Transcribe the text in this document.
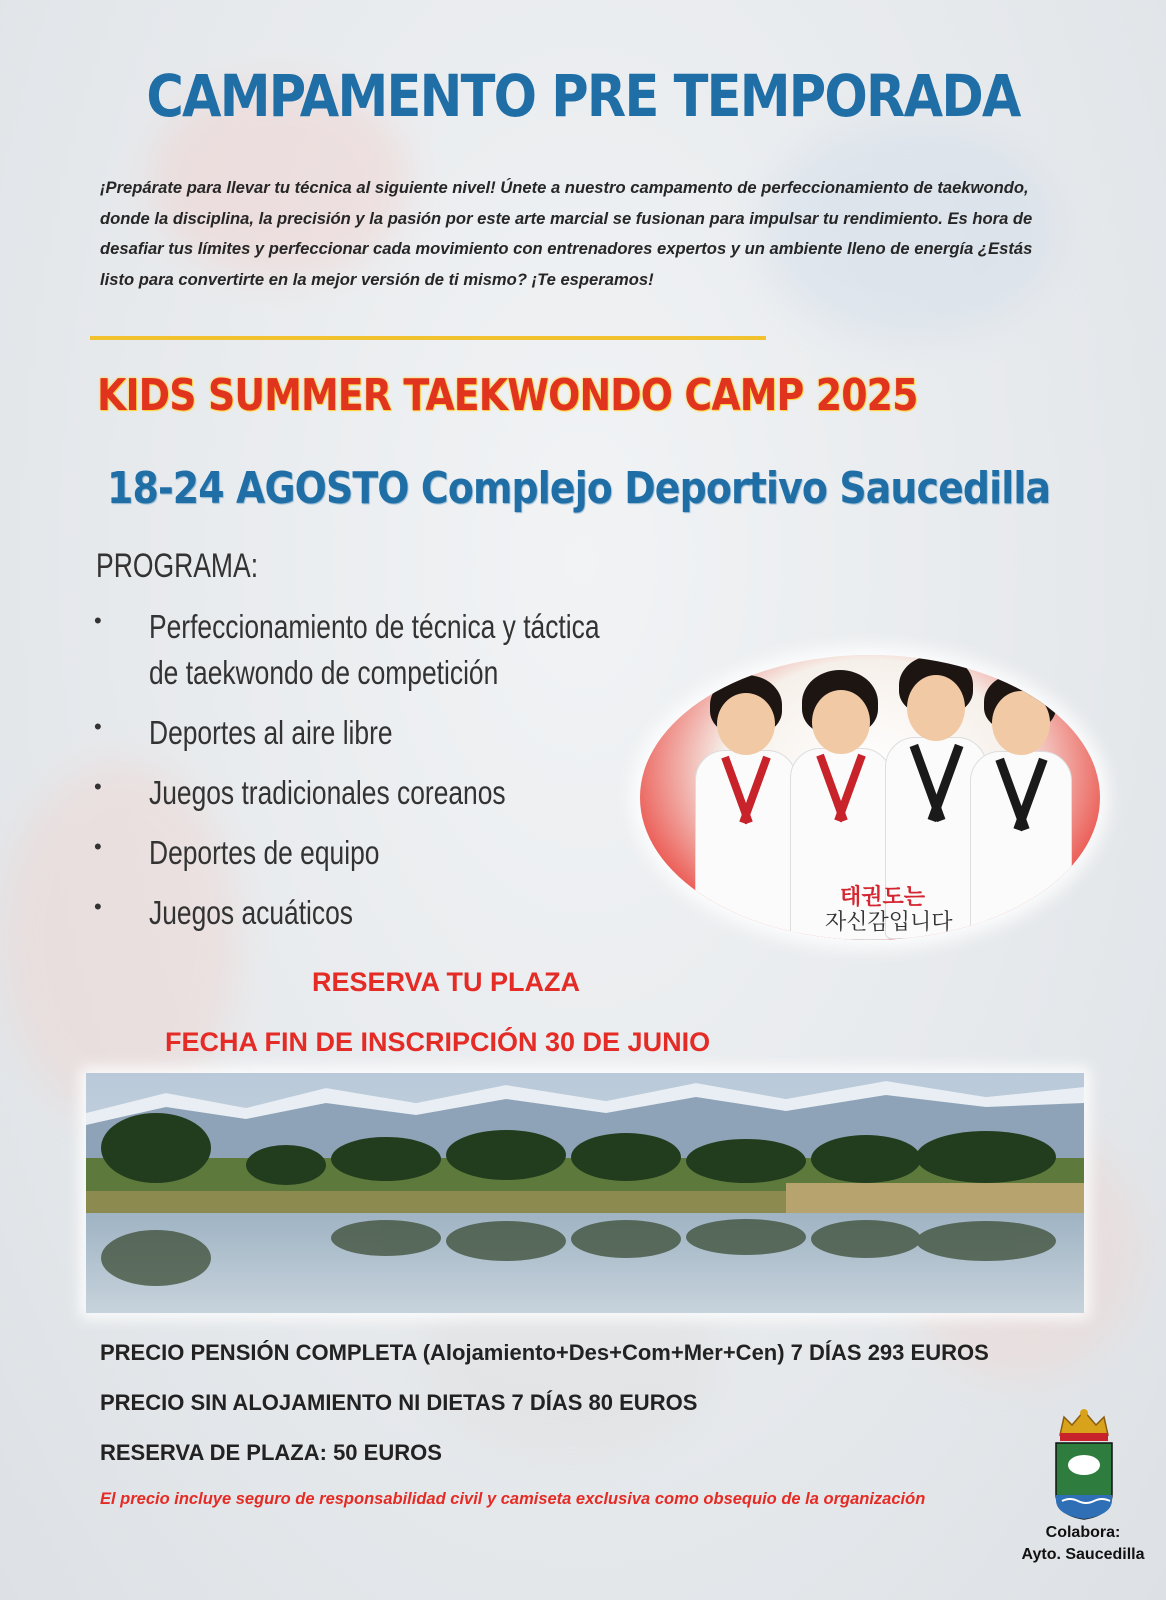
CAMPAMENTO PRE TEMPORADA
¡Prepárate para llevar tu técnica al siguiente nivel! Únete a nuestro campamento de perfeccionamiento de taekwondo, donde la disciplina, la precisión y la pasión por este arte marcial se fusionan para impulsar tu rendimiento. Es hora de desafiar tus límites y perfeccionar cada movimiento con entrenadores expertos y un ambiente lleno de energía ¿Estás listo para convertirte en la mejor versión de ti mismo? ¡Te esperamos!
KIDS SUMMER TAEKWONDO CAMP 2025
18-24 AGOSTO Complejo Deportivo Saucedilla
PROGRAMA:
• Perfeccionamiento de técnica y táctica
de taekwondo de competición
• Deportes al aire libre
• Juegos tradicionales coreanos
• Deportes de equipo
• Juegos acuáticos	태권도는
자신감입니다
RESERVA TU PLAZA
FECHA FIN DE INSCRIPCIÓN 30 DE JUNIO
PRECIO PENSIÓN COMPLETA (Alojamiento+Des+Com+Mer+Cen) 7 DÍAS 293 EUROS
PRECIO SIN ALOJAMIENTO NI DIETAS 7 DÍAS 80 EUROS
RESERVA DE PLAZA: 50 EUROS
El precio incluye seguro de responsabilidad civil y camiseta exclusiva como obsequio de la organización
Colabora:
Ayto. Saucedilla
